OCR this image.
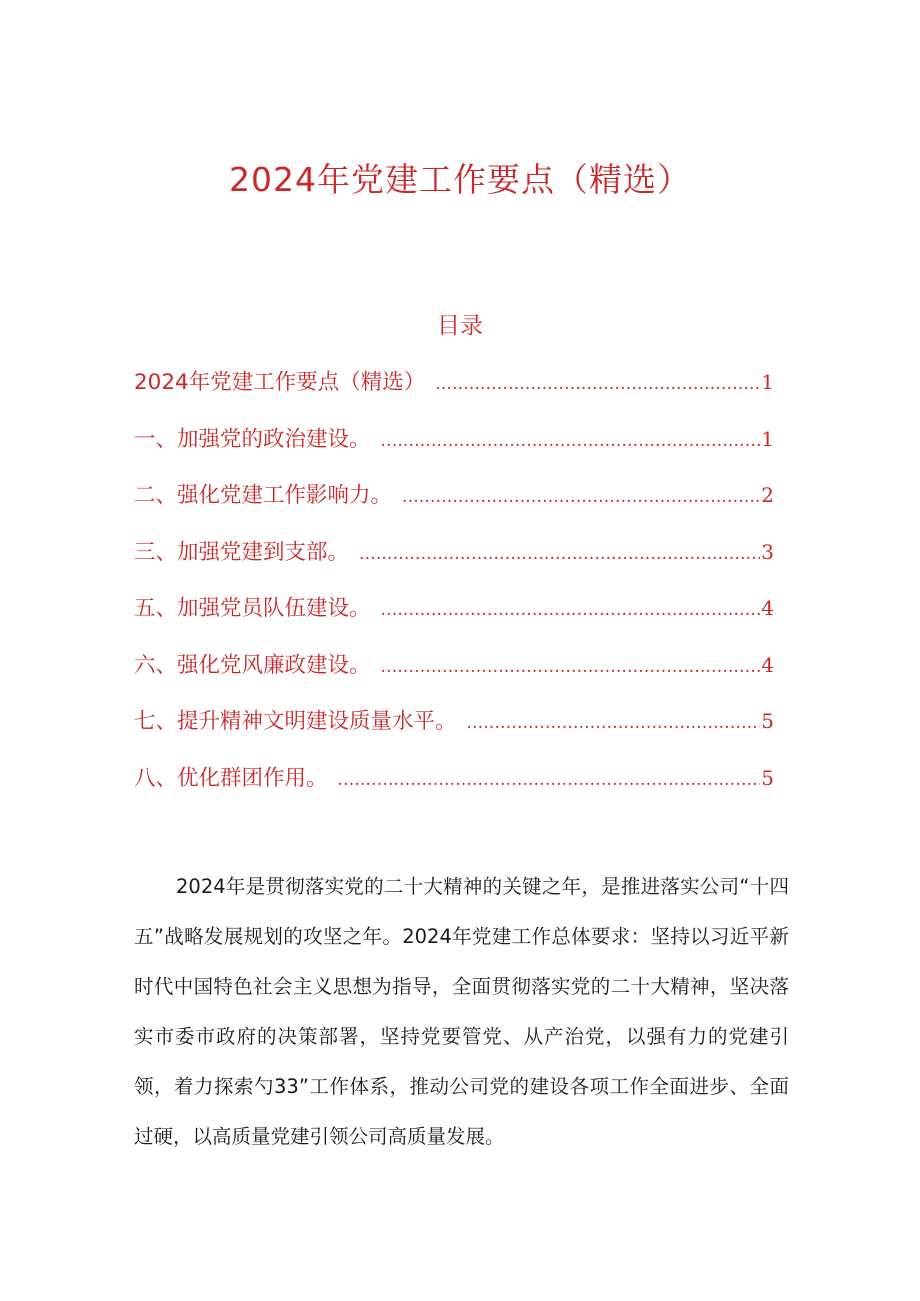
2024年党建工作要点（精选）
目录
2024年党建工作要点（精选） .....	1
一、加强党的政治建设。 .....	1
二、强化党建工作影响力。 .....	2
三、加强党建到支部。 .....	3
五、加强党员队伍建设。 .....	4
六、强化党风廉政建设。 .....	4
七、提升精神文明建设质量水平。 .....	5
八、优化群团作用。 .....	5

2024年是贯彻落实党的二十大精神的关键之年，是推进落实公司“十四五”战略发展规划的攻坚之年。2024年党建工作总体要求：坚持以习近平新时代中国特色社会主义思想为指导，全面贯彻落实党的二十大精神，坚决落实市委市政府的决策部署，坚持党要管党、从产治党，以强有力的党建引领，着力探索勺33”工作体系，推动公司党的建设各项工作全面进步、全面过硬，以高质量党建引领公司高质量发展。
